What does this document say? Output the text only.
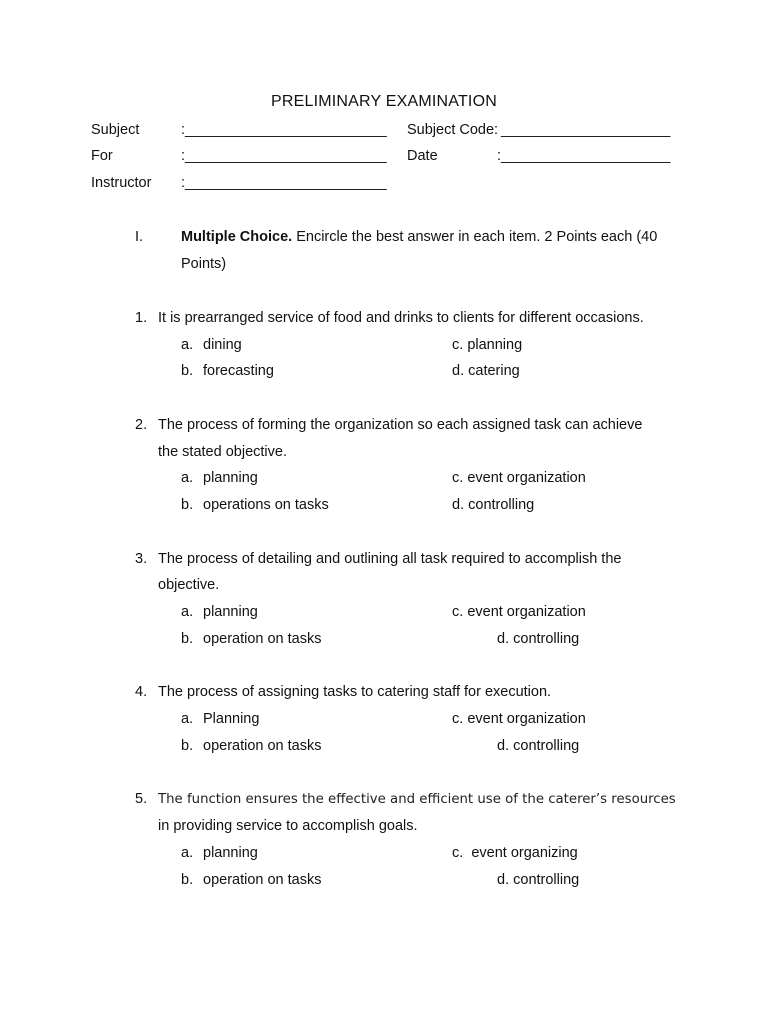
PRELIMINARY EXAMINATION
Subject	:_________________________ Subject Code: _____________________
For	:_________________________ Date	:_____________________
Instructor :_________________________
I.	Multiple Choice. Encircle the best answer in each item. 2 Points each (40
Points)
1. It is prearranged service of food and drinks to clients for different occasions.
a. dining	c. planning
b. forecasting	d. catering
2. The process of forming the organization so each assigned task can achieve
the stated objective.
a. planning	c. event organization
b. operations on tasks	d. controlling
3. The process of detailing and outlining all task required to accomplish the
objective.
a. planning	c. event organization
b. operation on tasks	d. controlling
4. The process of assigning tasks to catering staff for execution.
a. Planning	c. event organization
b. operation on tasks	d. controlling
5. The function ensures the effective and efficient use of the caterer’s resources
in providing service to accomplish goals.
a. planning	c. event organizing
b. operation on tasks	d. controlling
